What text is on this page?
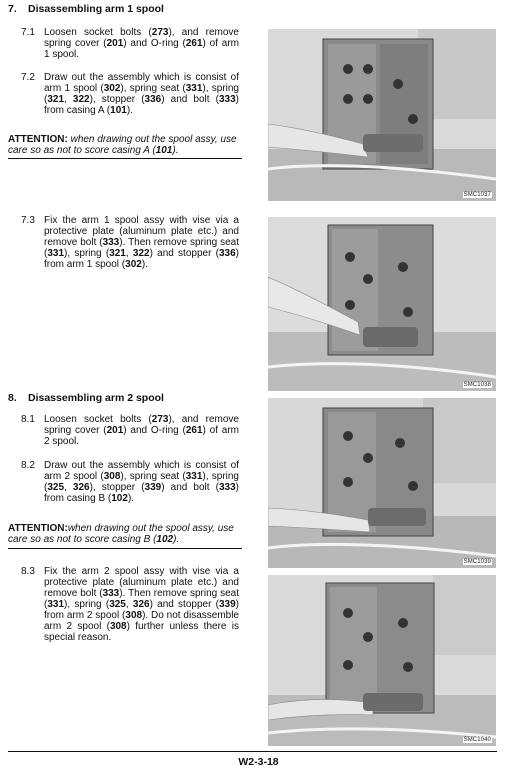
7. Disassembling arm 1 spool
7.1 Loosen socket bolts (273), and remove spring cover (201) and O-ring (261) of arm 1 spool.
7.2 Draw out the assembly which is consist of arm 1 spool (302), spring seat (331), spring (321, 322), stopper (336) and bolt (333) from casing A (101).
ATTENTION: when drawing out the spool assy, use care so as not to score casing A (101).
7.3 Fix the arm 1 spool assy with vise via a protective plate (aluminum plate etc.) and remove bolt (333). Then remove spring seat (331), spring (321, 322) and stopper (336) from arm 1 spool (302).
8. Disassembling arm 2 spool
8.1 Loosen socket bolts (273), and remove spring cover (201) and O-ring (261) of arm 2 spool.
8.2 Draw out the assembly which is consist of arm 2 spool (308), spring seat (331), spring (325, 326), stopper (339) and bolt (333) from casing B (102).
ATTENTION:when drawing out the spool assy, use care so as not to score casing B (102).
8.3 Fix the arm 2 spool assy with vise via a protective plate (aluminum plate etc.) and remove bolt (333). Then remove spring seat (331), spring (325, 326) and stopper (339) from arm 2 spool (308). Do not disassemble arm 2 spool (308) further unless there is special reason.
SMC1037
SMC1038
SMC1039
SMC1040
W2-3-18
